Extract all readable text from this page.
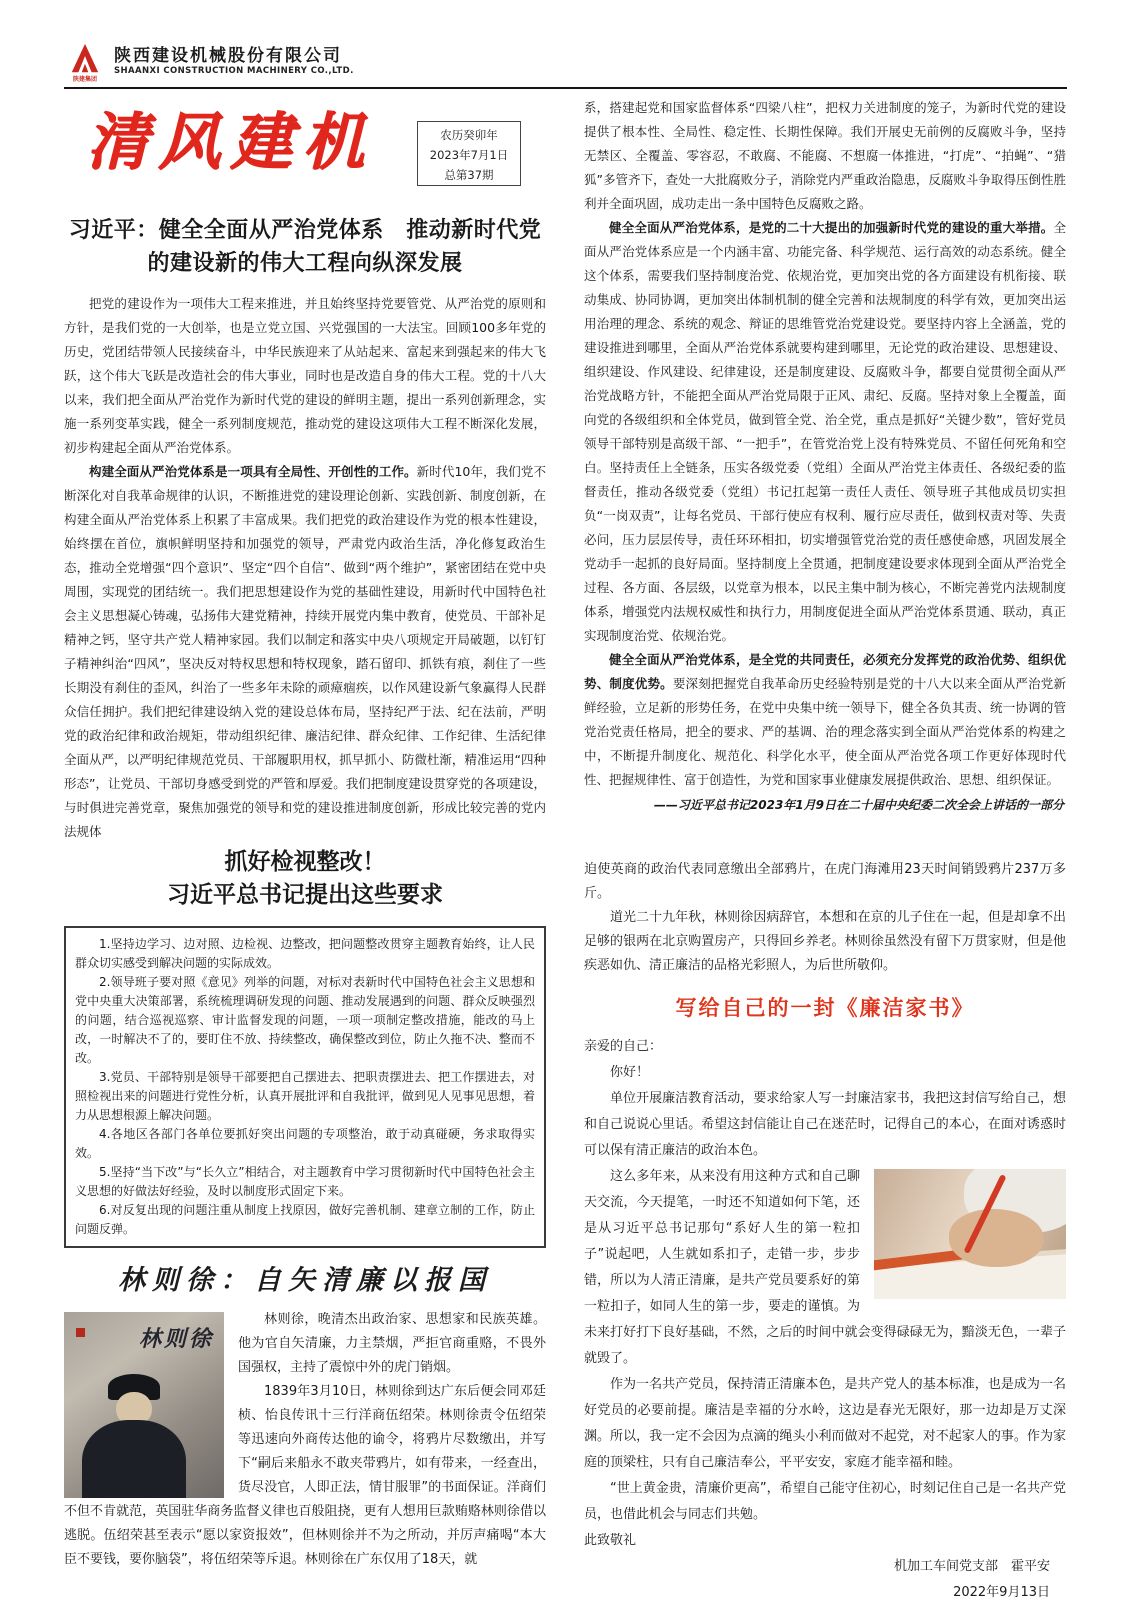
陕建集团
陕西建设机械股份有限公司
SHAANXI CONSTRUCTION MACHINERY CO.,LTD.
清风建机	农历癸卯年
2023年7月1日
总第37期
习近平：健全全面从严治党体系　推动新时代党的建设新的伟大工程向纵深发展

把党的建设作为一项伟大工程来推进，并且始终坚持党要管党、从严治党的原则和方针，是我们党的一大创举，也是立党立国、兴党强国的一大法宝。回顾100多年党的历史，党团结带领人民接续奋斗，中华民族迎来了从站起来、富起来到强起来的伟大飞跃，这个伟大飞跃是改造社会的伟大事业，同时也是改造自身的伟大工程。党的十八大以来，我们把全面从严治党作为新时代党的建设的鲜明主题，提出一系列创新理念，实施一系列变革实践，健全一系列制度规范，推动党的建设这项伟大工程不断深化发展，初步构建起全面从严治党体系。

构建全面从严治党体系是一项具有全局性、开创性的工作。新时代10年，我们党不断深化对自我革命规律的认识，不断推进党的建设理论创新、实践创新、制度创新，在构建全面从严治党体系上积累了丰富成果。我们把党的政治建设作为党的根本性建设，始终摆在首位，旗帜鲜明坚持和加强党的领导，严肃党内政治生活，净化修复政治生态，推动全党增强“四个意识”、坚定“四个自信”、做到“两个维护”，紧密团结在党中央周围，实现党的团结统一。我们把思想建设作为党的基础性建设，用新时代中国特色社会主义思想凝心铸魂，弘扬伟大建党精神，持续开展党内集中教育，使党员、干部补足精神之钙，坚守共产党人精神家园。我们以制定和落实中央八项规定开局破题，以钉钉子精神纠治“四风”，坚决反对特权思想和特权现象，踏石留印、抓铁有痕，刹住了一些长期没有刹住的歪风，纠治了一些多年未除的顽瘴痼疾，以作风建设新气象赢得人民群众信任拥护。我们把纪律建设纳入党的建设总体布局，坚持纪严于法、纪在法前，严明党的政治纪律和政治规矩，带动组织纪律、廉洁纪律、群众纪律、工作纪律、生活纪律全面从严，以严明纪律规范党员、干部履职用权，抓早抓小、防微杜渐，精准运用“四种形态”，让党员、干部切身感受到党的严管和厚爱。我们把制度建设贯穿党的各项建设，与时俱进完善党章，聚焦加强党的领导和党的建设推进制度创新，形成比较完善的党内法规体

系，搭建起党和国家监督体系“四梁八柱”，把权力关进制度的笼子，为新时代党的建设提供了根本性、全局性、稳定性、长期性保障。我们开展史无前例的反腐败斗争，坚持无禁区、全覆盖、零容忍，不敢腐、不能腐、不想腐一体推进，“打虎”、“拍蝇”、“猎狐”多管齐下，查处一大批腐败分子，消除党内严重政治隐患，反腐败斗争取得压倒性胜利并全面巩固，成功走出一条中国特色反腐败之路。

健全全面从严治党体系，是党的二十大提出的加强新时代党的建设的重大举措。全面从严治党体系应是一个内涵丰富、功能完备、科学规范、运行高效的动态系统。健全这个体系，需要我们坚持制度治党、依规治党，更加突出党的各方面建设有机衔接、联动集成、协同协调，更加突出体制机制的健全完善和法规制度的科学有效，更加突出运用治理的理念、系统的观念、辩证的思维管党治党建设党。要坚持内容上全涵盖，党的建设推进到哪里，全面从严治党体系就要构建到哪里，无论党的政治建设、思想建设、组织建设、作风建设、纪律建设，还是制度建设、反腐败斗争，都要自觉贯彻全面从严治党战略方针，不能把全面从严治党局限于正风、肃纪、反腐。坚持对象上全覆盖，面向党的各级组织和全体党员，做到管全党、治全党，重点是抓好“关键少数”，管好党员领导干部特别是高级干部、“一把手”，在管党治党上没有特殊党员、不留任何死角和空白。坚持责任上全链条，压实各级党委（党组）全面从严治党主体责任、各级纪委的监督责任，推动各级党委（党组）书记扛起第一责任人责任、领导班子其他成员切实担负“一岗双责”，让每名党员、干部行使应有权利、履行应尽责任，做到权责对等、失责必问，压力层层传导，责任环环相扣，切实增强管党治党的责任感使命感，巩固发展全党动手一起抓的良好局面。坚持制度上全贯通，把制度建设要求体现到全面从严治党全过程、各方面、各层级，以党章为根本，以民主集中制为核心，不断完善党内法规制度体系，增强党内法规权威性和执行力，用制度促进全面从严治党体系贯通、联动，真正实现制度治党、依规治党。

健全全面从严治党体系，是全党的共同责任，必须充分发挥党的政治优势、组织优势、制度优势。要深刻把握党自我革命历史经验特别是党的十八大以来全面从严治党新鲜经验，立足新的形势任务，在党中央集中统一领导下，健全各负其责、统一协调的管党治党责任格局，把全的要求、严的基调、治的理念落实到全面从严治党体系的构建之中，不断提升制度化、规范化、科学化水平，使全面从严治党各项工作更好体现时代性、把握规律性、富于创造性，为党和国家事业健康发展提供政治、思想、组织保证。

——习近平总书记2023年1月9日在二十届中央纪委二次全会上讲话的一部分

抓好检视整改！
习近平总书记提出这些要求

1.坚持边学习、边对照、边检视、边整改，把问题整改贯穿主题教育始终，让人民群众切实感受到解决问题的实际成效。

2.领导班子要对照《意见》列举的问题，对标对表新时代中国特色社会主义思想和党中央重大决策部署，系统梳理调研发现的问题、推动发展遇到的问题、群众反映强烈的问题，结合巡视巡察、审计监督发现的问题，一项一项制定整改措施，能改的马上改，一时解决不了的，要盯住不放、持续整改，确保整改到位，防止久拖不决、整而不改。

3.党员、干部特别是领导干部要把自己摆进去、把职责摆进去、把工作摆进去，对照检视出来的问题进行党性分析，认真开展批评和自我批评，做到见人见事见思想，着力从思想根源上解决问题。

4.各地区各部门各单位要抓好突出问题的专项整治，敢于动真碰硬，务求取得实效。

5.坚持“当下改”与“长久立”相结合，对主题教育中学习贯彻新时代中国特色社会主义思想的好做法好经验，及时以制度形式固定下来。

6.对反复出现的问题注重从制度上找原因，做好完善机制、建章立制的工作，防止问题反弹。

林则徐：自矢清廉以报国
林则徐

林则徐，晚清杰出政治家、思想家和民族英雄。他为官自矢清廉，力主禁烟，严拒官商重赂，不畏外国强权，主持了震惊中外的虎门销烟。

1839年3月10日，林则徐到达广东后便会同邓廷桢、怡良传讯十三行洋商伍绍荣。林则徐责令伍绍荣等迅速向外商传达他的谕令，将鸦片尽数缴出，并写下“嗣后来船永不敢夹带鸦片，如有带来，一经查出，货尽没官，人即正法，情甘服罪”的书面保证。洋商们不但不肯就范，英国驻华商务监督义律也百般阻挠，更有人想用巨款贿赂林则徐借以逃脱。伍绍荣甚至表示“愿以家资报效”，但林则徐并不为之所动，并厉声痛喝“本大臣不要钱，要你脑袋”，将伍绍荣等斥退。林则徐在广东仅用了18天，就

迫使英商的政治代表同意缴出全部鸦片，在虎门海滩用23天时间销毁鸦片237万多斤。

道光二十九年秋，林则徐因病辞官，本想和在京的儿子住在一起，但是却拿不出足够的银两在北京购置房产，只得回乡养老。林则徐虽然没有留下万贯家财，但是他疾恶如仇、清正廉洁的品格光彩照人，为后世所敬仰。

写给自己的一封《廉洁家书》

亲爱的自己：

你好！

单位开展廉洁教育活动，要求给家人写一封廉洁家书，我把这封信写给自己，想和自己说说心里话。希望这封信能让自己在迷茫时，记得自己的本心，在面对诱惑时可以保有清正廉洁的政治本色。

这么多年来，从来没有用这种方式和自己聊天交流，今天提笔，一时还不知道如何下笔，还是从习近平总书记那句“系好人生的第一粒扣子”说起吧，人生就如系扣子，走错一步，步步错，所以为人清正清廉，是共产党员要系好的第一粒扣子，如同人生的第一步，要走的谨慎。为未来打好打下良好基础，不然，之后的时间中就会变得碌碌无为，黯淡无色，一辈子就毁了。

作为一名共产党员，保持清正清廉本色，是共产党人的基本标准，也是成为一名好党员的必要前提。廉洁是幸福的分水岭，这边是春光无限好，那一边却是万丈深渊。所以，我一定不会因为点滴的绳头小利而做对不起党，对不起家人的事。作为家庭的顶梁柱，只有自己廉洁奉公，平平安安，家庭才能幸福和睦。

“世上黄金贵，清廉价更高”，希望自己能守住初心，时刻记住自己是一名共产党员，也借此机会与同志们共勉。

此致敬礼

机加工车间党支部　霍平安

2022年9月13日
